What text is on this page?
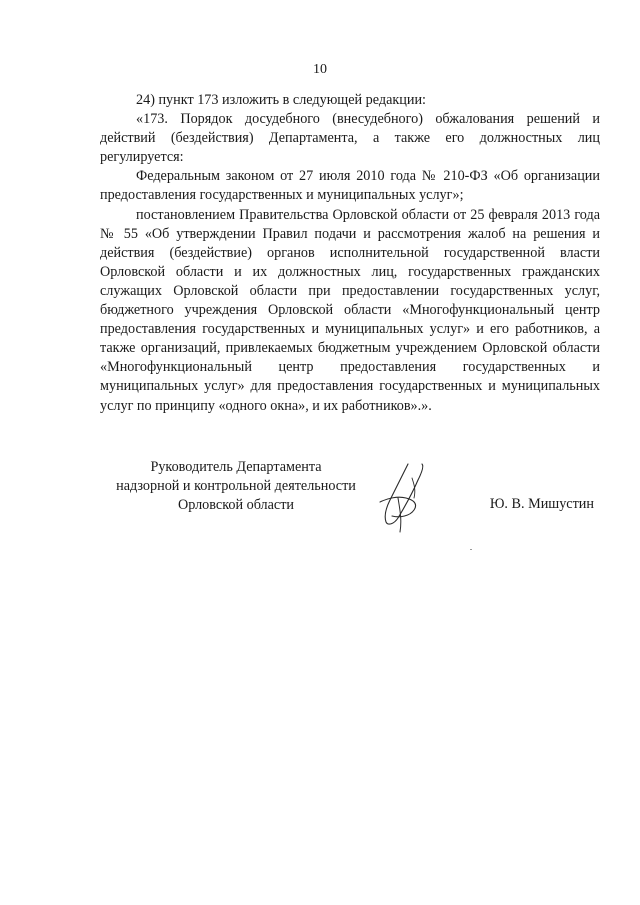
10

24) пункт 173 изложить в следующей редакции:

«173. Порядок досудебного (внесудебного) обжалования решений и действий (бездействия) Департамента, а также его должностных лиц регулируется:

Федеральным законом от 27 июля 2010 года № 210-ФЗ «Об организации предоставления государственных и муниципальных услуг»;

постановлением Правительства Орловской области от 25 февраля 2013 года № 55 «Об утверждении Правил подачи и рассмотрения жалоб на решения и действия (бездействие) органов исполнительной государственной власти Орловской области и их должностных лиц, государственных гражданских служащих Орловской области при предоставлении государственных услуг, бюджетного учреждения Орловской области «Многофункциональный центр предоставления государственных и муниципальных услуг» и его работников, а также организаций, привлекаемых бюджетным учреждением Орловской области «Многофункциональный центр предоставления государственных и муниципальных услуг» для предоставления государственных и муниципальных услуг по принципу «одного окна», и их работников».».

Руководитель Департамента
надзорной и контрольной деятельности
Орловской области	Ю. В. Мишустин
